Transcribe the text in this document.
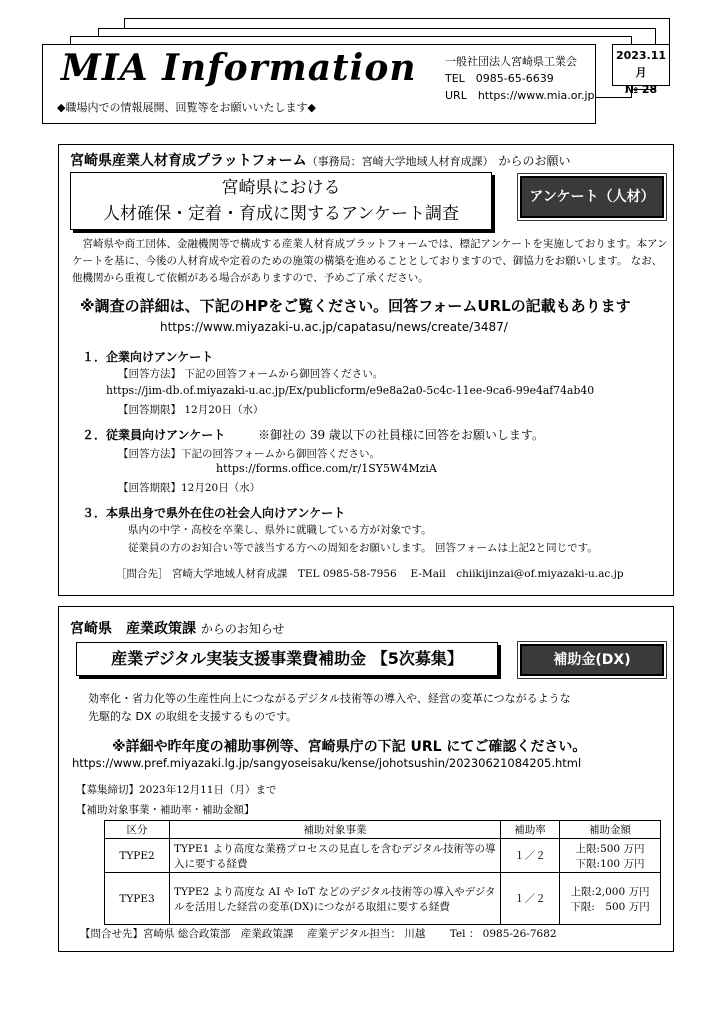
MIA Information
◆職場内での情報展開、回覧等をお願いいたします◆
一般社団法人宮崎県工業会
TEL　0985-65-6639
URL　https://www.mia.or.jp
2023.11 月
№ 28
宮崎県産業人材育成プラットフォーム（事務局：宮崎大学地域人材育成課） からのお願い
宮崎県における
人材確保・定着・育成に関するアンケート調査
アンケート（人材）
　宮崎県や商工団体、金融機関等で構成する産業人材育成プラットフォームでは、標記アンケートを実施しております。本アンケートを基に、今後の人材育成や定着のための施策の構築を進めることとしておりますので、御協力をお願いします。 なお、他機関から重複して依頼がある場合がありますので、予めご了承ください。
※調査の詳細は、下記のHPをご覧ください。回答フォームURLの記載もあります
https://www.miyazaki-u.ac.jp/capatasu/news/create/3487/
１．企業向けアンケート
【回答方法】 下記の回答フォームから御回答ください。
https://jim-db.of.miyazaki-u.ac.jp/Ex/publicform/e9e8a2a0-5c4c-11ee-9ca6-99e4af74ab40
【回答期限】 12月20日（水）
２．従業員向けアンケート	※御社の 39 歳以下の社員様に回答をお願いします。
【回答方法】下記の回答フォームから御回答ください。
https://forms.office.com/r/1SY5W4MziA
【回答期限】12月20日（水）
３．本県出身で県外在住の社会人向けアンケート
県内の中学・高校を卒業し、県外に就職している方が対象です。
従業員の方のお知合い等で該当する方への周知をお願いします。 回答フォームは上記2と同じです。
［問合先］ 宮崎大学地域人材育成課　TEL 0985-58-7956　 E-Mail　chiikijinzai@of.miyazaki-u.ac.jp
宮崎県　産業政策課 からのお知らせ
産業デジタル実装支援事業費補助金 【5次募集】	補助金(DX)
効率化・省力化等の生産性向上につながるデジタル技術等の導入や、経営の変革につながるような
先駆的な DX の取組を支援するものです。
※詳細や昨年度の補助事例等、宮崎県庁の下記 URL にてご確認ください。
https://www.pref.miyazaki.lg.jp/sangyoseisaku/kense/johotsushin/20230621084205.html
【募集締切】2023年12月11日（月）まで
【補助対象事業・補助率・補助金額】
区分	補助対象事業	補助率	補助金額
TYPE2	TYPE1 より高度な業務プロセスの見直しを含むデジタル技術等の導入に要する経費	１／２	上限:500 万円
下限:100 万円

TYPE3	TYPE2 より高度な AI や IoT などのデジタル技術等の導入やデジタルを活用した経営の変革(DX)につながる取組に要する経費	１／２	上限:2,000 万円
下限:　500 万円
【問合せ先】宮崎県 総合政策部　産業政策課　 産業デジタル担当： 川越　　 Tel ： 0985-26-7682
